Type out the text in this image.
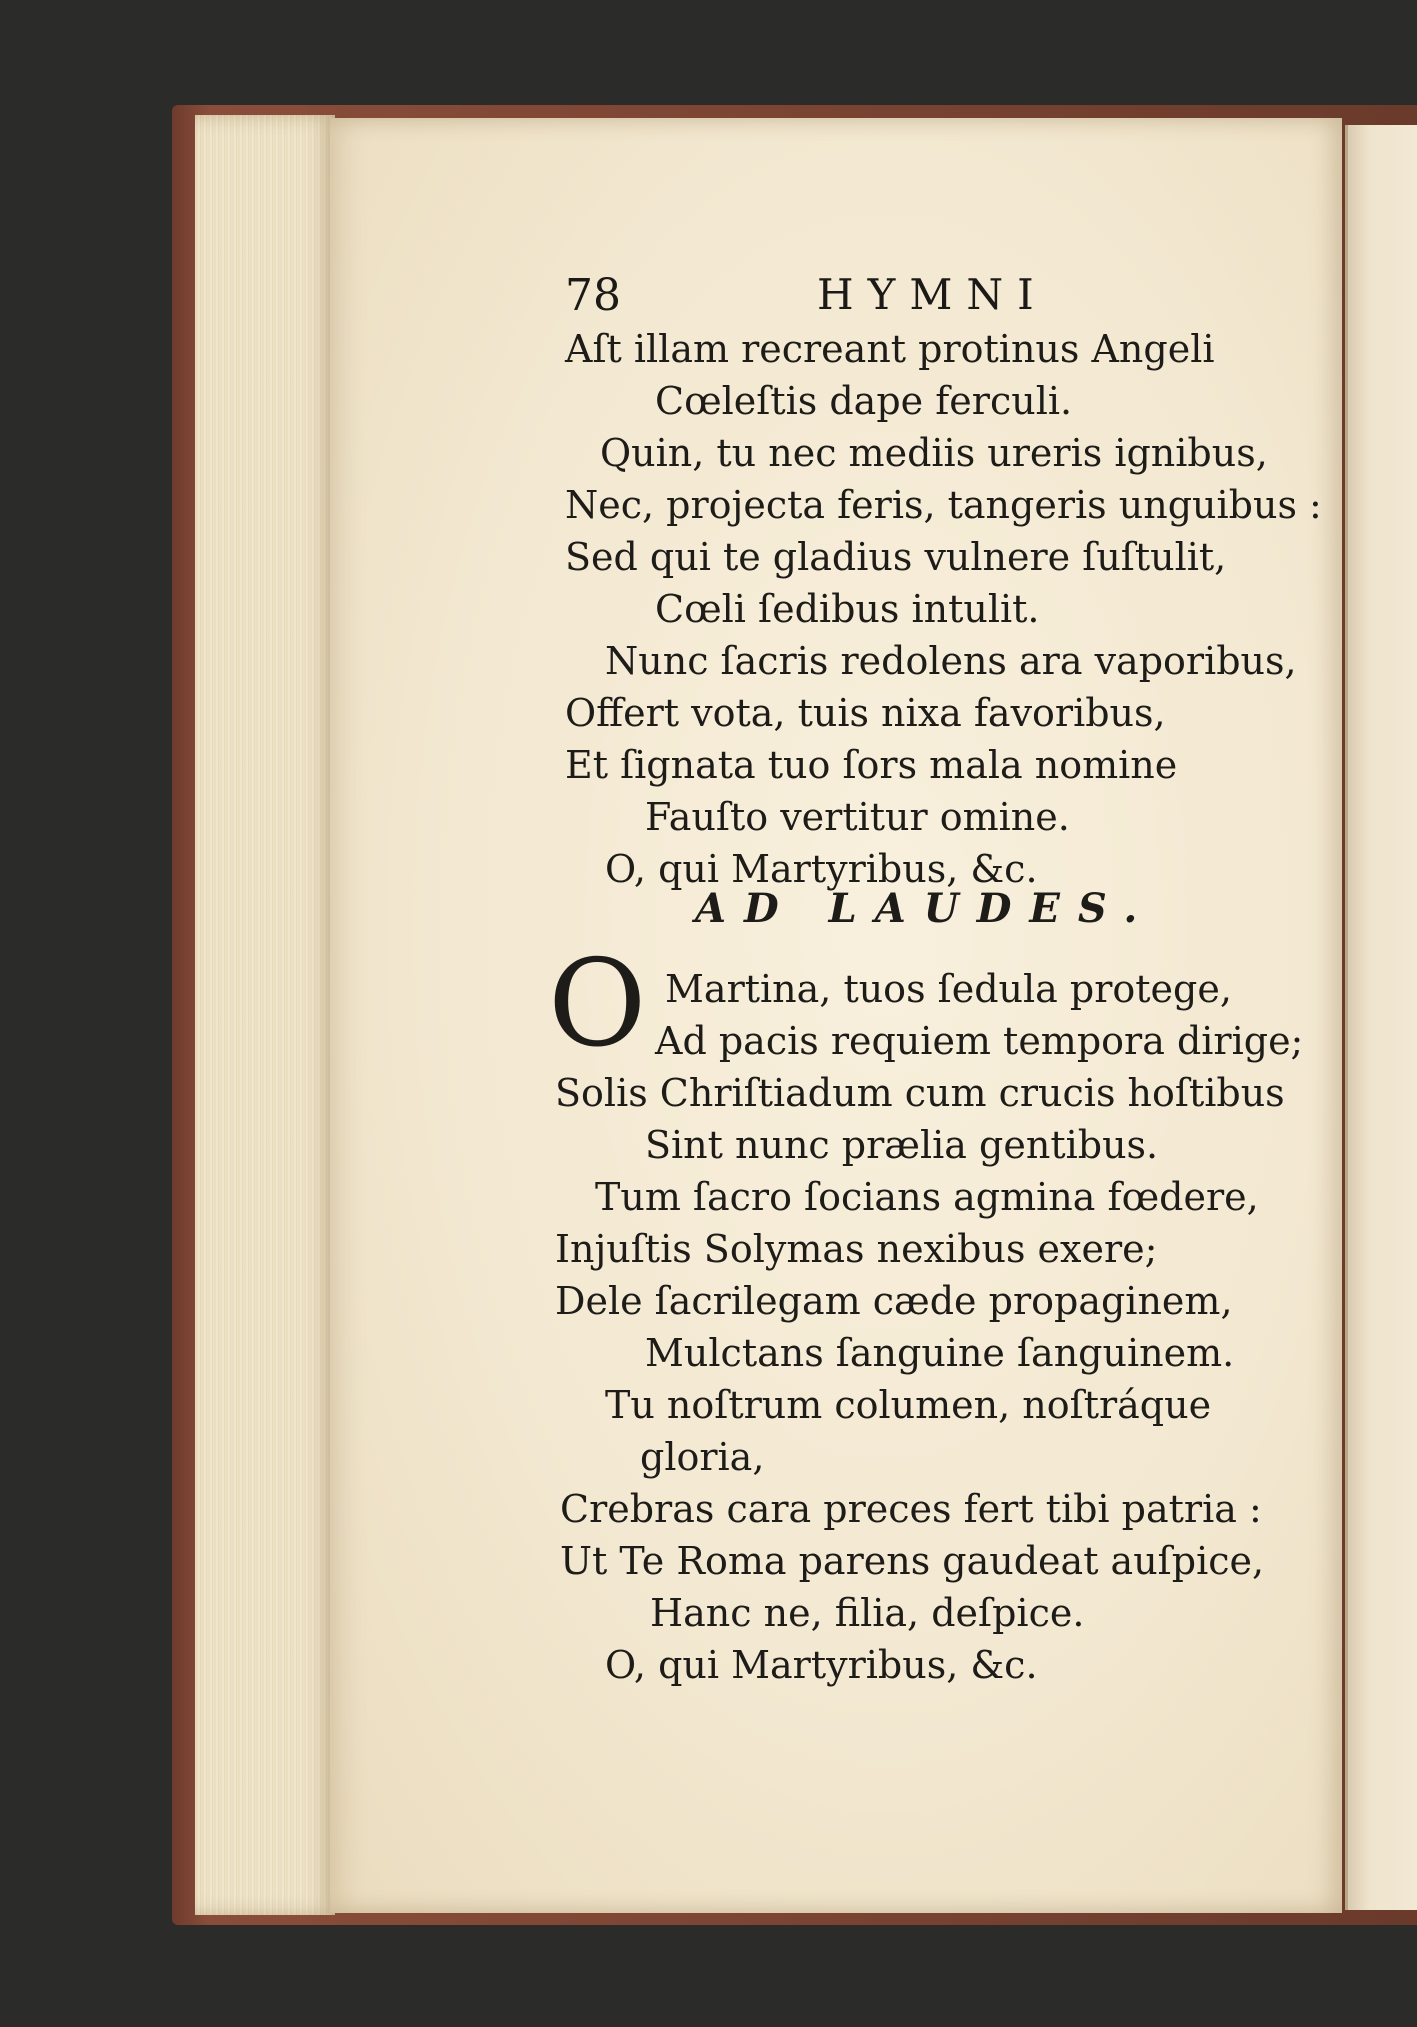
78	HYMNI
Aſt illam recreant protinus Angeli
Cœleſtis dape ferculi.
Quin, tu nec mediis ureris ignibus,
Nec, projecta feris, tangeris unguibus :
Sed qui te gladius vulnere ſuſtulit,
Cœli ſedibus intulit.
Nunc ſacris redolens ara vaporibus,
Offert vota, tuis nixa favoribus,
Et ſignata tuo ſors mala nomine
Fauſto vertitur omine.
O, qui Martyribus, &c.
AD LAUDES.
O Martina, tuos ſedula protege,
Ad pacis requiem tempora dirige;
Solis Chriſtiadum cum crucis hoſtibus
Sint nunc prælia gentibus.
Tum ſacro ſocians agmina fœdere,
Injuſtis Solymas nexibus exere;
Dele ſacrilegam cæde propaginem,
Mulctans ſanguine ſanguinem.
Tu noſtrum columen, noſtráque
gloria,
Crebras cara preces fert tibi patria :
Ut Te Roma parens gaudeat auſpice,
Hanc ne, filia, deſpice.
O, qui Martyribus, &c.
